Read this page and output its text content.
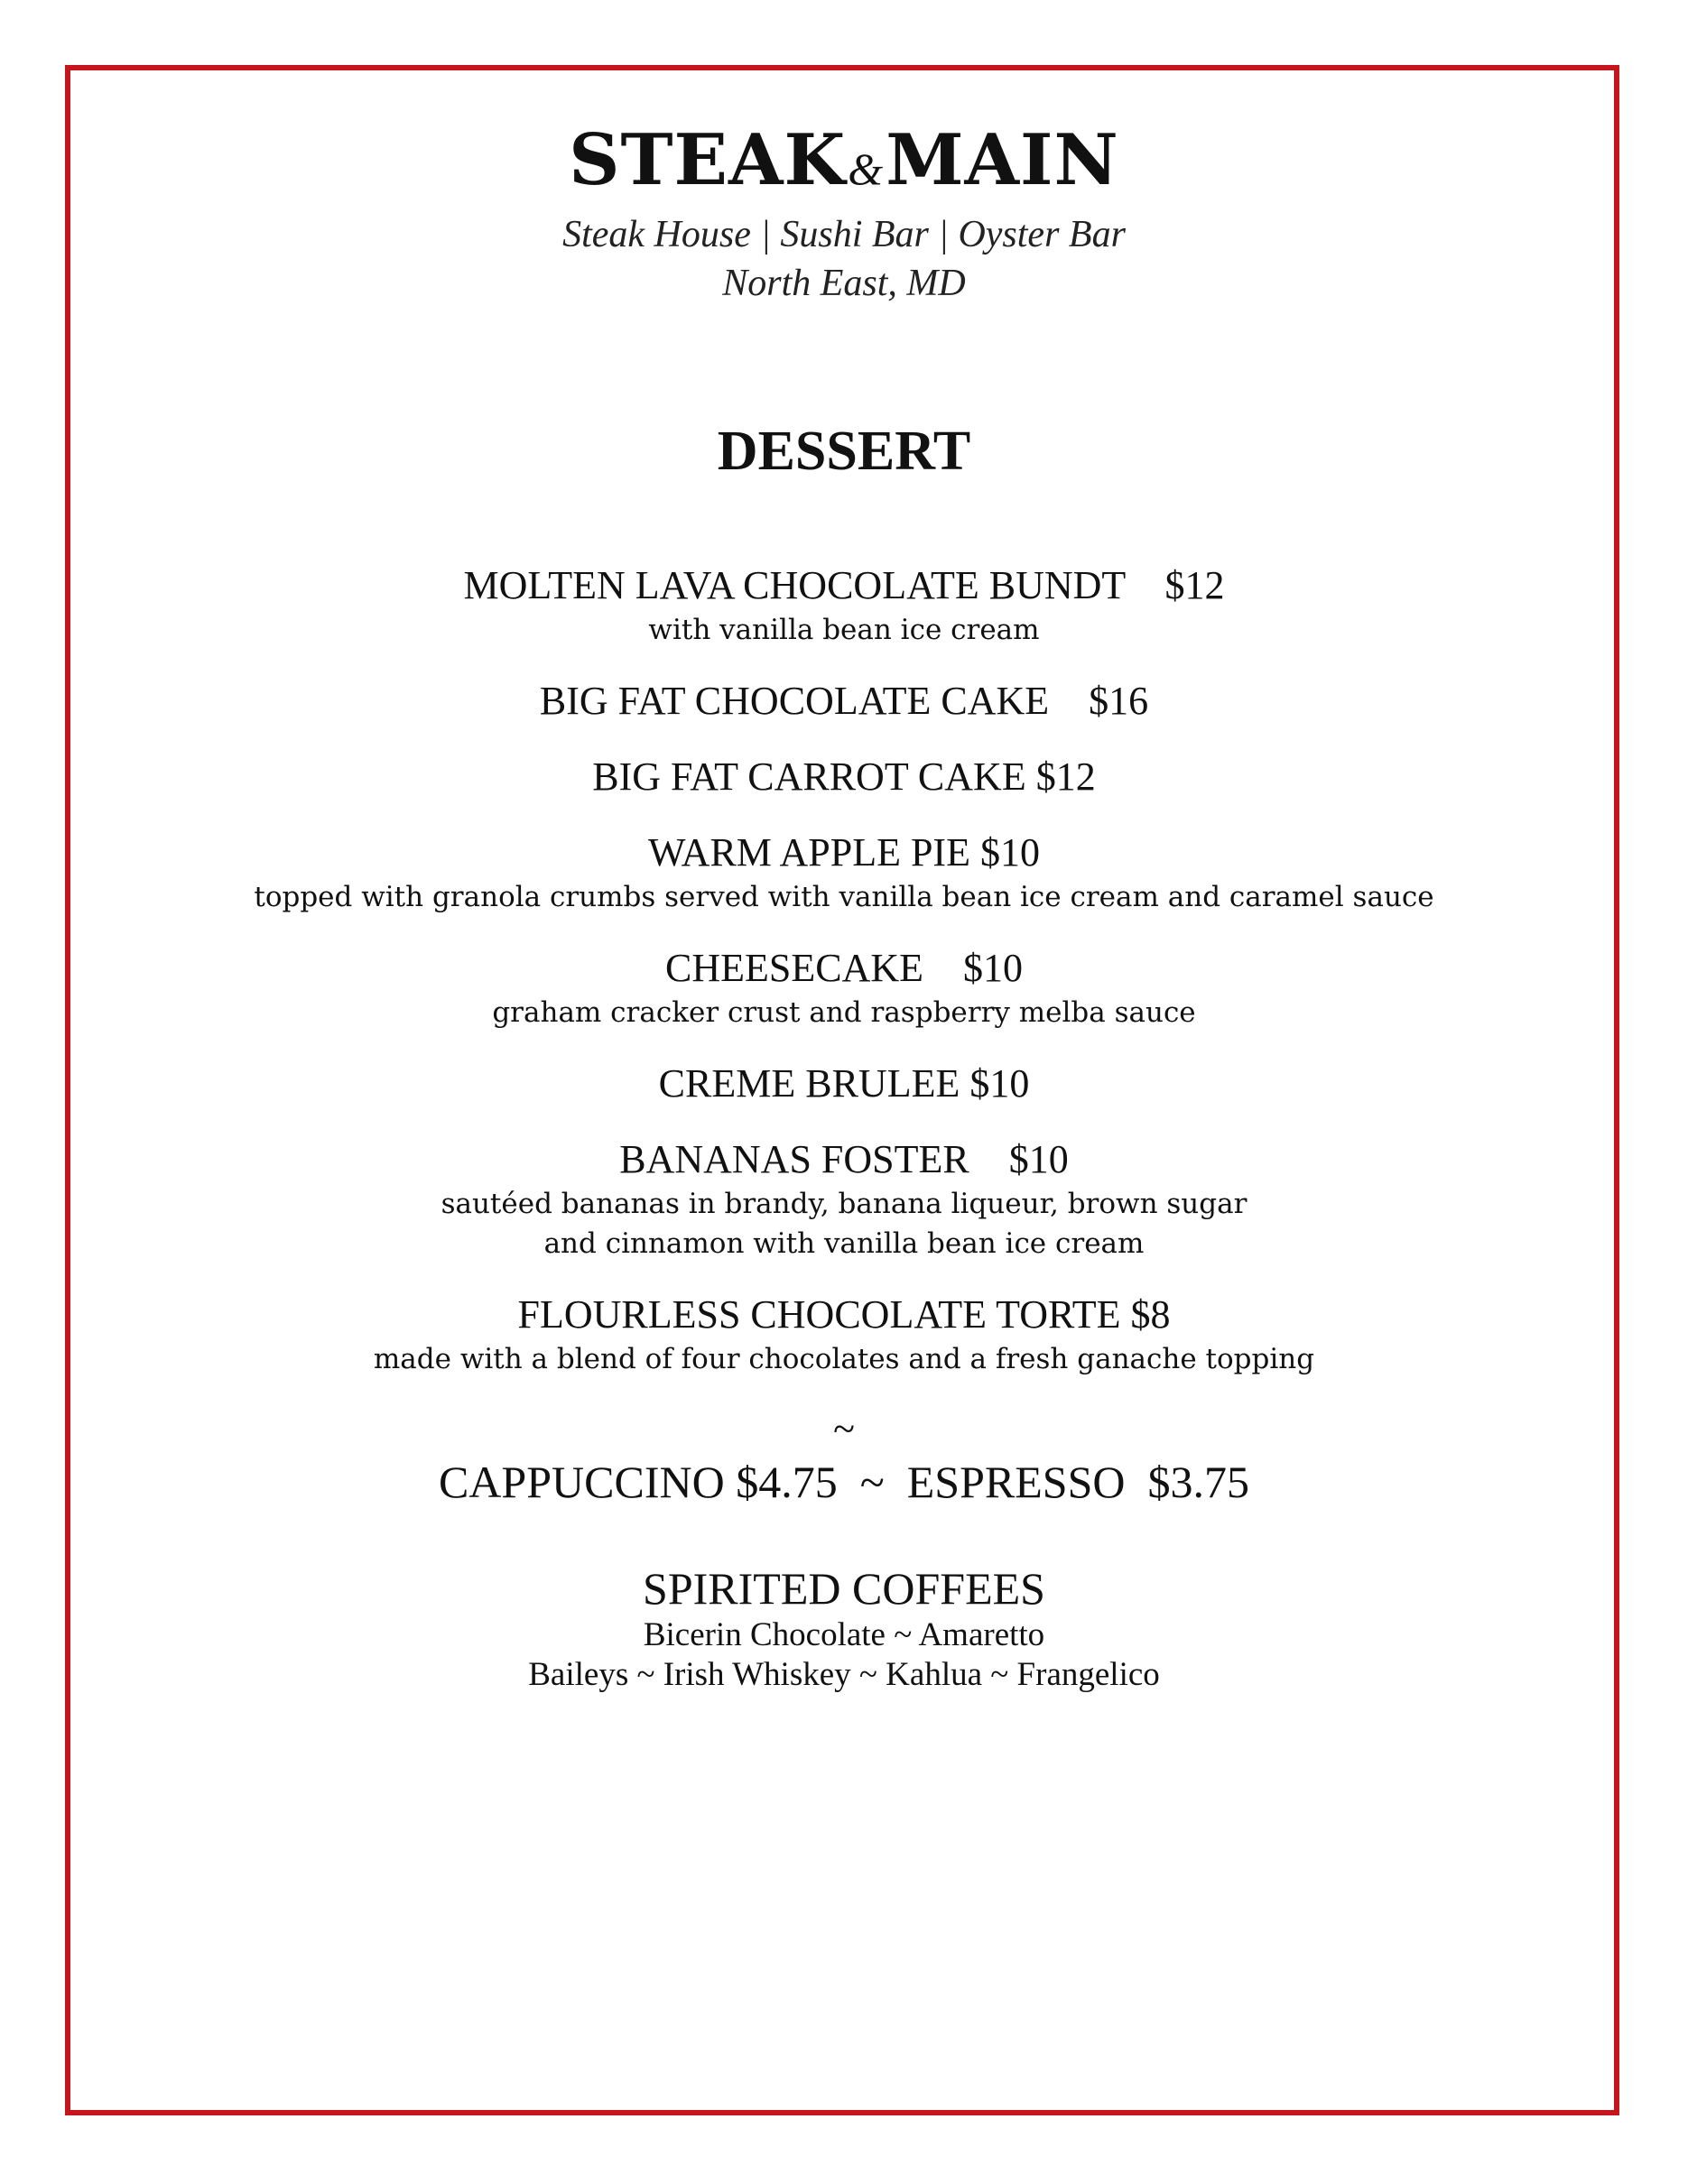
STEAK&MAIN
Steak House | Sushi Bar | Oyster Bar
North East, MD
DESSERT
MOLTEN LAVA CHOCOLATE BUNDT $12
with vanilla bean ice cream
BIG FAT CHOCOLATE CAKE $16
BIG FAT CARROT CAKE $12
WARM APPLE PIE $10
topped with granola crumbs served with vanilla bean ice cream and caramel sauce
CHEESECAKE $10
graham cracker crust and raspberry melba sauce
CREME BRULEE $10
BANANAS FOSTER $10
sautéed bananas in brandy, banana liqueur, brown sugar
and cinnamon with vanilla bean ice cream
FLOURLESS CHOCOLATE TORTE $8
made with a blend of four chocolates and a fresh ganache topping
~
CAPPUCCINO $4.75  ~  ESPRESSO  $3.75
SPIRITED COFFEES
Bicerin Chocolate ~ Amaretto
Baileys ~ Irish Whiskey ~ Kahlua ~ Frangelico
